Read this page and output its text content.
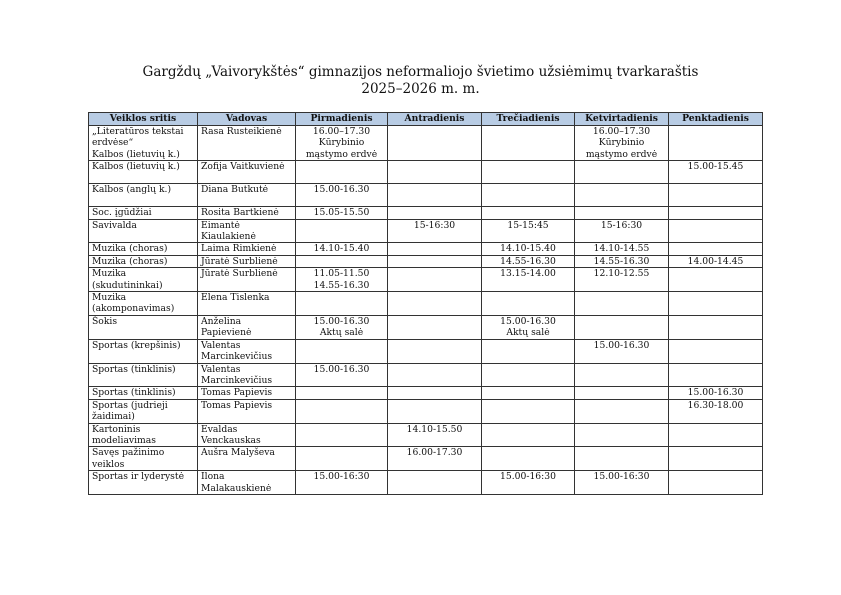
Gargždų „Vaivorykštės“ gimnazijos neformaliojo švietimo užsiėmimų tvarkaraštis
2025–2026 m. m.
Veiklos sritis	Vadovas	Pirmadienis	Antradienis	Trečiadienis	Ketvirtadienis	Penktadienis

„Literatūros tekstai
erdvėse“
Kalbos (lietuvių k.)	Rasa Rusteikienė	16.00–17.30
Kūrybinio
mąstymo erdvė			16.00–17.30
Kūrybinio
mąstymo erdvė	

Kalbos (lietuvių k.)	Zofija Vaitkuvienė					15.00-15.45

Kalbos (anglų k.)	Diana Butkutė	15.00-16.30				

Soc. įgūdžiai	Rosita Bartkienė	15.05-15.50				

Savivalda	Eimantė
Kiaulakienė		15-16:30	15-15:45	15-16:30	

Muzika (choras)	Laima Rimkienė	14.10-15.40		14.10-15.40	14.10-14.55	

Muzika (choras)	Jūratė Surblienė			14.55-16.30	14.55-16.30	14.00-14.45

Muzika
(skudutininkai)	Jūratė Surblienė	11.05-11.50
14.55-16.30		13.15-14.00	12.10-12.55	

Muzika
(akomponavimas)	Elena Tislenka					

Šokis	Anželina
Papievienė	15.00-16.30
Aktų salė		15.00-16.30
Aktų salė		

Sportas (krepšinis)	Valentas
Marcinkevičius				15.00-16.30	

Sportas (tinklinis)	Valentas
Marcinkevičius	15.00-16.30				

Sportas (tinklinis)	Tomas Papievis					15.00-16.30

Sportas (judrieji
žaidimai)	Tomas Papievis					16.30-18.00

Kartoninis
modeliavimas	Evaldas
Venckauskas		14.10-15.50			

Savęs pažinimo
veiklos	Aušra Malyševa		16.00-17.30			

Sportas ir lyderystė	Ilona
Malakauskienė	15.00-16:30		15.00-16:30	15.00-16:30	
